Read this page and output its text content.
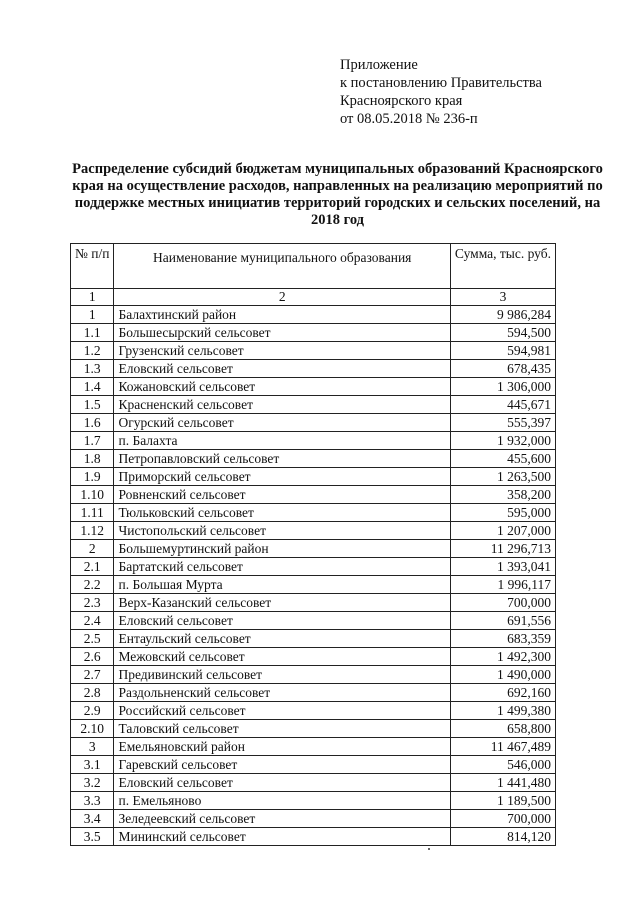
Приложение
к постановлению Правительства
Красноярского края
от 08.05.2018 № 236-п
Распределение субсидий бюджетам муниципальных образований Красноярского края на осуществление расходов, направленных на реализацию мероприятий по поддержке местных инициатив территорий городских и сельских поселений, на 2018 год
№ п/п	Наименование муниципального образования	Сумма, тыс. руб.
1	2	3
1	Балахтинский район	9 986,284
1.1	Большесырский сельсовет	594,500
1.2	Грузенский сельсовет	594,981
1.3	Еловский сельсовет	678,435
1.4	Кожановский сельсовет	1 306,000
1.5	Красненский сельсовет	445,671
1.6	Огурский сельсовет	555,397
1.7	п. Балахта	1 932,000
1.8	Петропавловский сельсовет	455,600
1.9	Приморский сельсовет	1 263,500
1.10	Ровненский сельсовет	358,200
1.11	Тюльковский сельсовет	595,000
1.12	Чистопольский сельсовет	1 207,000
2	Большемуртинский район	11 296,713
2.1	Бартатский сельсовет	1 393,041
2.2	п. Большая Мурта	1 996,117
2.3	Верх-Казанский сельсовет	700,000
2.4	Еловский сельсовет	691,556
2.5	Ентаульский сельсовет	683,359
2.6	Межовский сельсовет	1 492,300
2.7	Предивинский сельсовет	1 490,000
2.8	Раздольненский сельсовет	692,160
2.9	Российский сельсовет	1 499,380
2.10	Таловский сельсовет	658,800
3	Емельяновский район	11 467,489
3.1	Гаревский сельсовет	546,000
3.2	Еловский сельсовет	1 441,480
3.3	п. Емельяново	1 189,500
3.4	Зеледеевский сельсовет	700,000
3.5	Мининский сельсовет	814,120
